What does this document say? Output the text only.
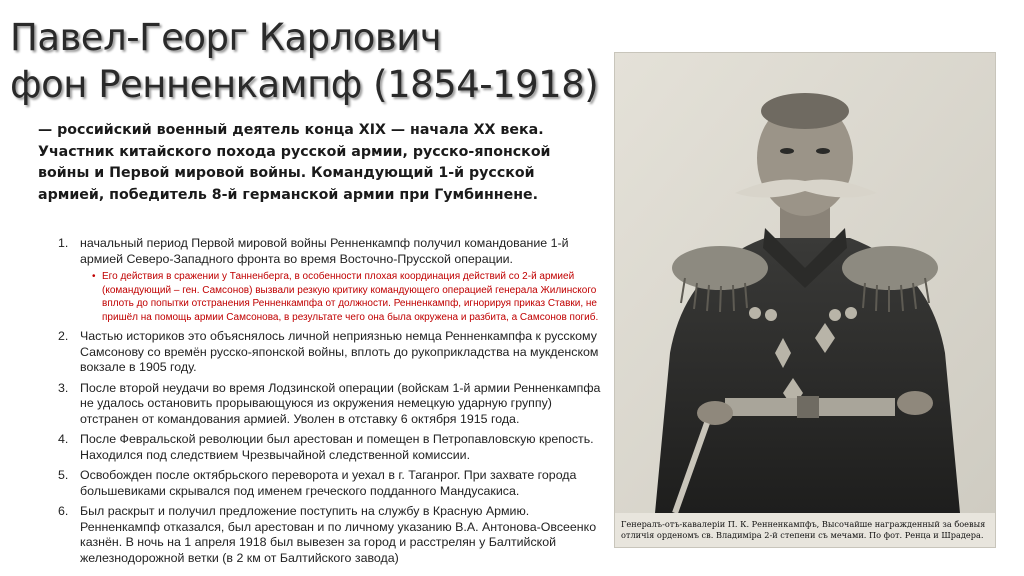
Павел-Георг Карлович
фон Ренненкампф (1854-1918)
— российский военный деятель конца XIX — начала XX века. Участник китайского похода русской армии, русско-японской войны и Первой мировой войны. Командующий 1-й русской армией, победитель 8-й германской армии при Гумбиннене.
1. начальный период Первой мировой войны Ренненкампф получил командование 1-й армией Северо-Западного фронта во время Восточно-Прусской операции.
• Его действия в сражении у Танненберга, в особенности плохая координация действий со 2-й армией (командующий – ген. Самсонов) вызвали резкую критику командующего операцией генерала Жилинского вплоть до попытки отстранения Ренненкампфа от должности. Ренненкампф, игнорируя приказ Ставки, не пришёл на помощь армии Самсонова, в результате чего она была окружена и разбита, а Самсонов погиб.
2. Частью историков это объяснялось личной неприязнью немца Ренненкампфа к русскому Самсонову со времён русско-японской войны, вплоть до рукоприкладства на мукденском вокзале в 1905 году.
3. После второй неудачи во время Лодзинской операции (войскам 1-й армии Ренненкампфа не удалось остановить прорывающуюся из окружения немецкую ударную группу) отстранен от командования армией. Уволен в отставку 6 октября 1915 года.
4. После Февральской революции был арестован и помещен в Петропавловскую крепость. Находился под следствием Чрезвычайной следственной комиссии.
5. Освобожден после октябрьского переворота и уехал в г. Таганрог. При захвате города большевиками скрывался под именем греческого подданного Мандусакиса.
6. Был раскрыт и получил предложение поступить на службу в Красную Армию. Ренненкампф отказался, был арестован и по личному указанию В.А. Антонова-Овсеенко казнён. В ночь на 1 апреля 1918 был вывезен за город и расстрелян у Балтийской железнодорожной ветки (в 2 км от Балтийского завода)
Генералъ-отъ-кавалеріи П. К. Ренненкампфъ, Высочайше награжденный за боевыя отличія орденомъ св. Владиміра 2-й степени съ мечами. По фот. Ренца и Шрадера.
